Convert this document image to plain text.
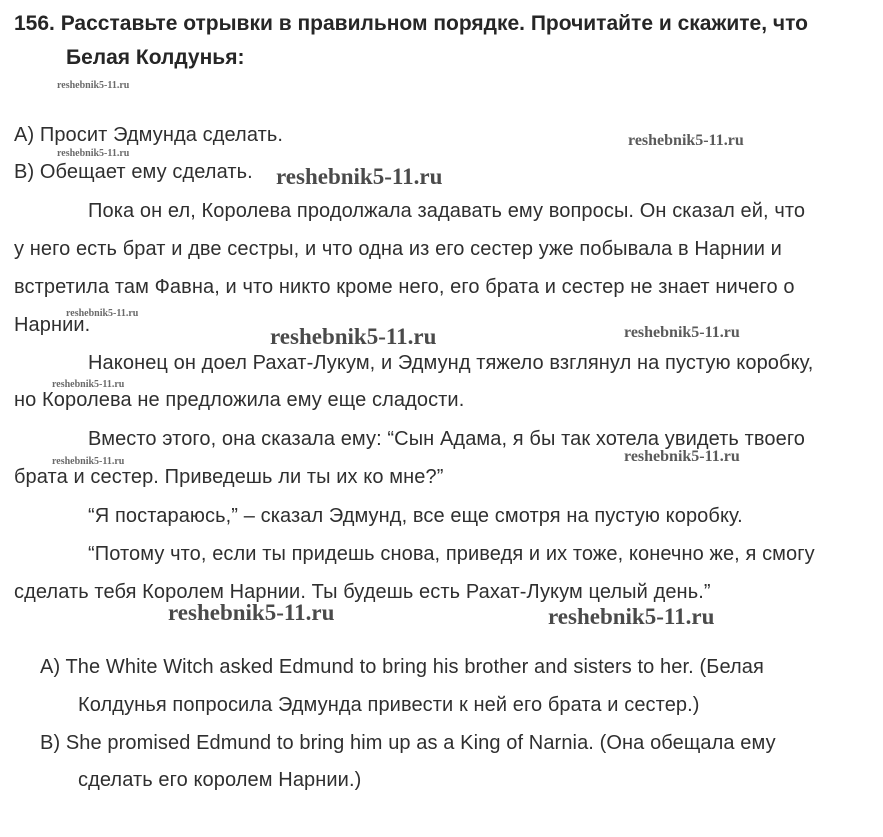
156. Расставьте отрывки в правильном порядке. Прочитайте и скажите, что
Белая Колдунья:
А) Просит Эдмунда сделать.
В) Обещает ему сделать.
Пока он ел, Королева продолжала задавать ему вопросы. Он сказал ей, что
у него есть брат и две сестры, и что одна из его сестер уже побывала в Нарнии и
встретила там Фавна, и что никто кроме него, его брата и сестер не знает ничего о
Нарнии.
Наконец он доел Рахат-Лукум, и Эдмунд тяжело взглянул на пустую коробку,
но Королева не предложила ему еще сладости.
Вместо этого, она сказала ему: “Сын Адама, я бы так хотела увидеть твоего
брата и сестер. Приведешь ли ты их ко мне?”
“Я постараюсь,” – сказал Эдмунд, все еще смотря на пустую коробку.
“Потому что, если ты придешь снова, приведя и их тоже, конечно же, я смогу
сделать тебя Королем Нарнии. Ты будешь есть Рахат-Лукум целый день.”
A) The White Witch asked Edmund to bring his brother and sisters to her. (Белая
Колдунья попросила Эдмунда привести к ней его брата и сестер.)
B) She promised Edmund to bring him up as a King of Narnia. (Она обещала ему
сделать его королем Нарнии.)
reshebnik5-11.ru
reshebnik5-11.ru
reshebnik5-11.ru
reshebnik5-11.ru
reshebnik5-11.ru
reshebnik5-11.ru
reshebnik5-11.ru
reshebnik5-11.ru
reshebnik5-11.ru
reshebnik5-11.ru
reshebnik5-11.ru	reshebnik5-11.ru
